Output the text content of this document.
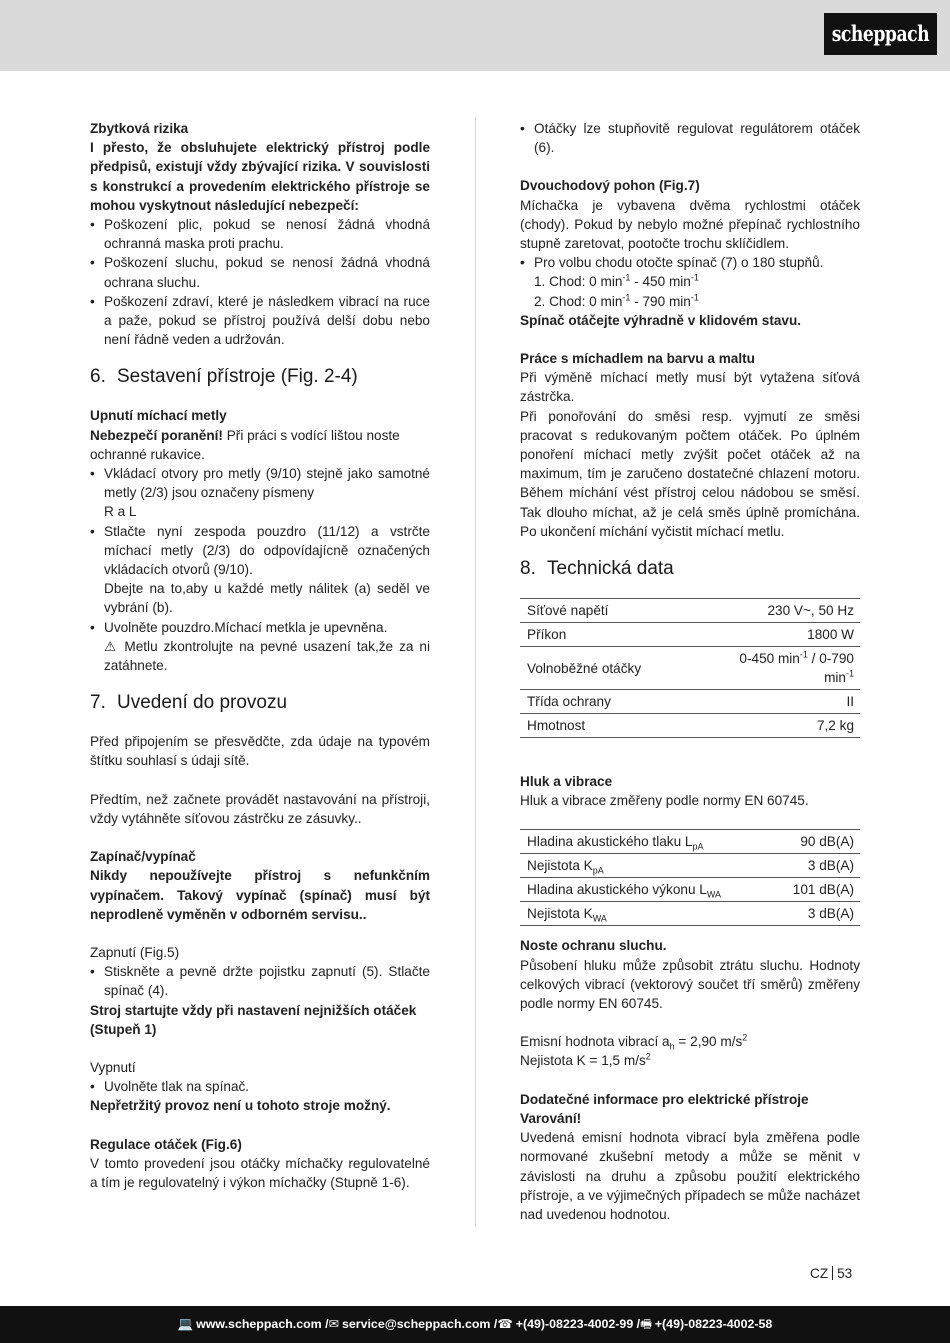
scheppach

Zbytková rizika

I přesto, že obsluhujete elektrický přístroj podle předpisů, existují vždy zbývající rizika. V souvislosti s konstrukcí a provedením elektrického přístroje se mohou vyskytnout následující nebezpečí:

• Poškození plic, pokud se nenosí žádná vhodná ochranná maska proti prachu.
• Poškození sluchu, pokud se nenosí žádná vhodná ochrana sluchu.
• Poškození zdraví, které je následkem vibrací na ruce a paže, pokud se přístroj používá delší dobu nebo není řádně veden a udržován.
6. Sestavení přístroje (Fig. 2-4)

Upnutí míchací metly

Nebezpečí poranění! Při práci s vodící lištou noste ochranné rukavice.

• Vkládací otvory pro metly (9/10) stejně jako samotné metly (2/3) jsou označeny písmeny
R a L
• Stlačte nyní zespoda pouzdro (11/12) a vstrčte míchací metly (2/3) do odpovídajícně označených vkládacích otvorů (9/10).
Dbejte na to,aby u každé metly nálitek (a) seděl ve vybrání (b).
• Uvolněte pouzdro.Míchací metkla je upevněna.
⚠ Metlu zkontrolujte na pevné usazení tak,že za ni zatáhnete.
7. Uvedení do provozu

Před připojením se přesvědčte, zda údaje na typovém štítku souhlasí s údaji sítě.

Předtím, než začnete provádět nastavování na přístroji, vždy vytáhněte síťovou zástrčku ze zásuvky..

Zapínač/vypínač

Nikdy nepoužívejte přístroj s nefunkčním vypínačem. Takový vypínač (spínač) musí být neprodleně vyměněn v odborném servisu..

Zapnutí (Fig.5)

• Stiskněte a pevně držte pojistku zapnutí (5). Stlačte spínač (4).

Stroj startujte vždy při nastavení nejnižších otáček (Stupeň 1)

Vypnutí

• Uvolněte tlak na spínač.

Nepřetržitý provoz není u tohoto stroje možný.

Regulace otáček (Fig.6)

V tomto provedení jsou otáčky míchačky regulovatelné a tím je regulovatelný i výkon míchačky (Stupně 1-6).

• Otáčky lze stupňovitě regulovat regulátorem otáček (6).

Dvouchodový pohon (Fig.7)

Míchačka je vybavena dvěma rychlostmi otáček (chody). Pokud by nebylo možné přepínač rychlostního stupně zaretovat, pootočte trochu sklíčidlem.

• Pro volbu chodu otočte spínač (7) o 180 stupňů.

1. Chod: 0 $\min^{-1} - 450$ $\min^{-1}$

2. Chod: 0 $\min^{-1} - 790$ $\min^{-1}$

Spínač otáčejte výhradně v klidovém stavu.

Práce s míchadlem na barvu a maltu

Při výměně míchací metly musí být vytažena síťová zástrčka.

Při ponořování do směsi resp. vyjmutí ze směsi pracovat s redukovaným počtem otáček. Po úplném ponoření míchací metly zvýšit počet otáček až na maximum, tím je zaručeno dostatečné chlazení motoru. Během míchání vést přístroj celou nádobou se směsí. Tak dlouho míchat, až je celá směs úplně promíchána. Po ukončení míchání vyčistit míchací metlu.

8. Technická data
Síťové napětí	230 V~, 50 Hz
Příkon	1800 W
Volnoběžné otáčky	0-450 $\min^{-1} / 0-790$
$\min^{-1}$
Třída ochrany	II
Hmotnost	7,2 kg

Hluk a vibrace

Hluk a vibrace změřeny podle normy EN 60745.

Hladina akustického tlaku $L_{pA}$	90 dB(A)
Nejistota $K_{pA}$	3 dB(A)
Hladina akustického výkonu $L_{WA}$	101 dB(A)
Nejistota $K_{WA}$	3 dB(A)

Noste ochranu sluchu.

Působení hluku může způsobit ztrátu sluchu. Hodnoty celkových vibrací (vektorový součet tří směrů) změřeny podle normy EN 60745.

Emisní hodnota vibrací $a_h = 2,90$ $m/s^2$

Nejistota K = 1,5 $m/s^2$

Dodatečné informace pro elektrické přístroje

Varování!

Uvedená emisní hodnota vibrací byla změřena podle normované zkušební metody a může se měnit v závislosti na druhu a způsobu použití elektrického přístroje, a ve výjimečných případech se může nacházet nad uvedenou hodnotou.

CZ 53
💻 www.scheppach.com / ✉ service@scheppach.com / ☎ +(49)-08223-4002-99 / 🖷 +(49)-08223-4002-58
